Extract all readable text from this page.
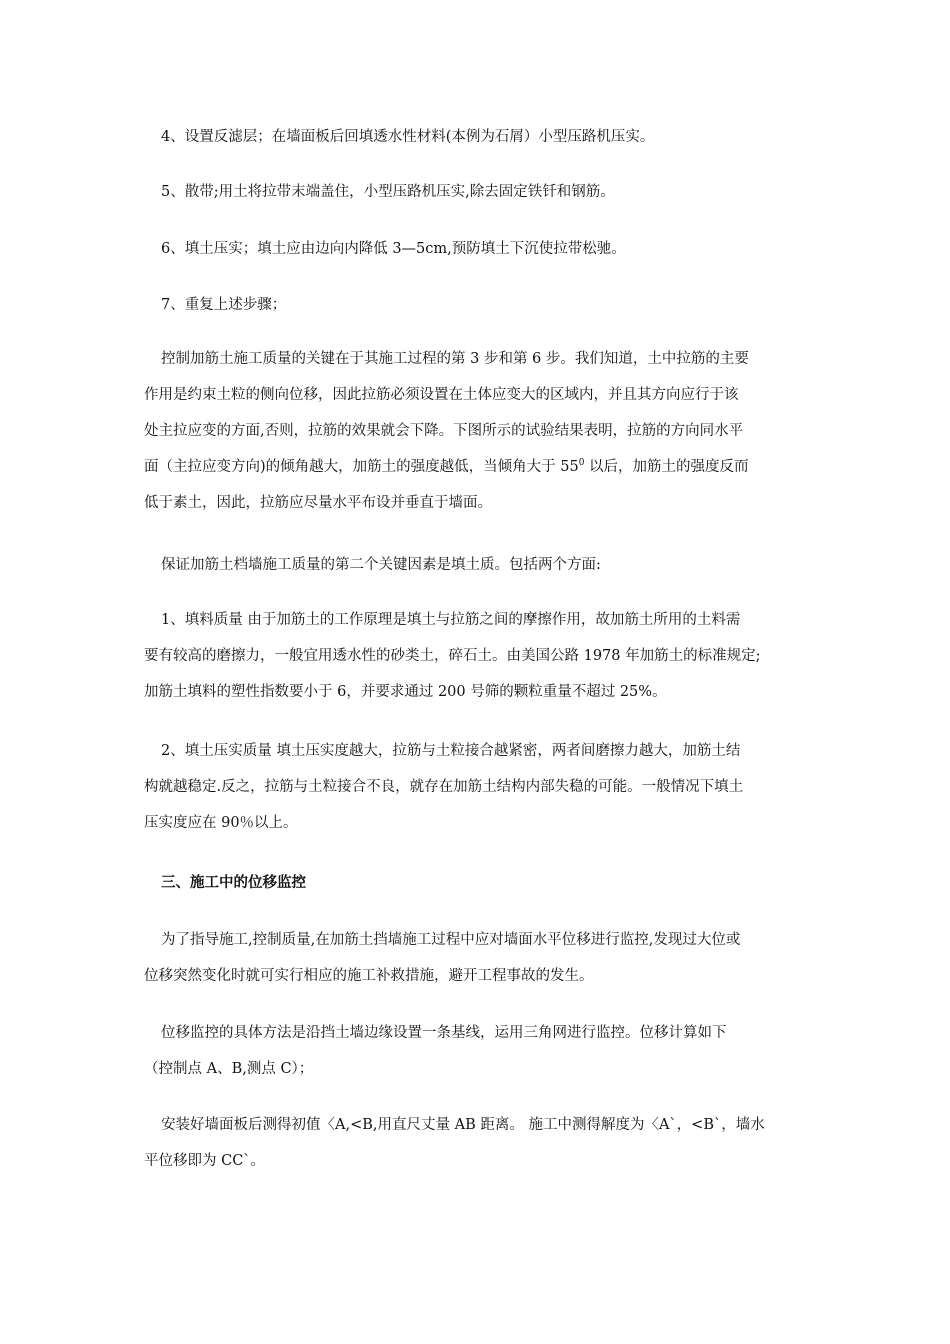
4、设置反滤层；在墙面板后回填透水性材料(本例为石屑）小型压路机压实。

5、散带;用土将拉带末端盖住，小型压路机压实,除去固定铁钎和钢筋。

6、填土压实；填土应由边向内降低 3—5cm,预防填土下沉使拉带松驰。

7、重复上述步骤；

控制加筋土施工质量的关键在于其施工过程的第 3 步和第 6 步。我们知道，土中拉筋的主要
作用是约束土粒的侧向位移，因此拉筋必须设置在土体应变大的区域内，并且其方向应行于该
处主拉应变的方面,否则，拉筋的效果就会下降。下图所示的试验结果表明，拉筋的方向同水平
面（主拉应变方向)的倾角越大，加筋土的强度越低，当倾角大于 $55^0$ 以后，加筋土的强度反而
低于素土，因此，拉筋应尽量水平布设并垂直于墙面。

保证加筋土档墙施工质量的第二个关键因素是填土质。包括两个方面:

1、填料质量 由于加筋土的工作原理是填土与拉筋之间的摩擦作用，故加筋土所用的土料需
要有较高的磨擦力，一般宜用透水性的砂类土，碎石土。由美国公路 1978 年加筋土的标准规定;
加筋土填料的塑性指数要小于 6，并要求通过 200 号筛的颗粒重量不超过 25%。

2、填土压实质量 填土压实度越大，拉筋与土粒接合越紧密，两者间磨擦力越大，加筋土结
构就越稳定.反之，拉筋与土粒接合不良，就存在加筋土结构内部失稳的可能。一般情况下填土
压实度应在 90％以上。

三、施工中的位移监控

为了指导施工,控制质量,在加筋土挡墙施工过程中应对墙面水平位移进行监控,发现过大位或
位移突然变化时就可实行相应的施工补救措施，避开工程事故的发生。

位移监控的具体方法是沿挡土墙边缘设置一条基线，运用三角网进行监控。位移计算如下
（控制点 A、B,测点 C）；

安装好墙面板后测得初值〈A,<B,用直尺丈量 AB 距离。 施工中测得解度为〈A`，<B`，墙水
平位移即为 CC`。
